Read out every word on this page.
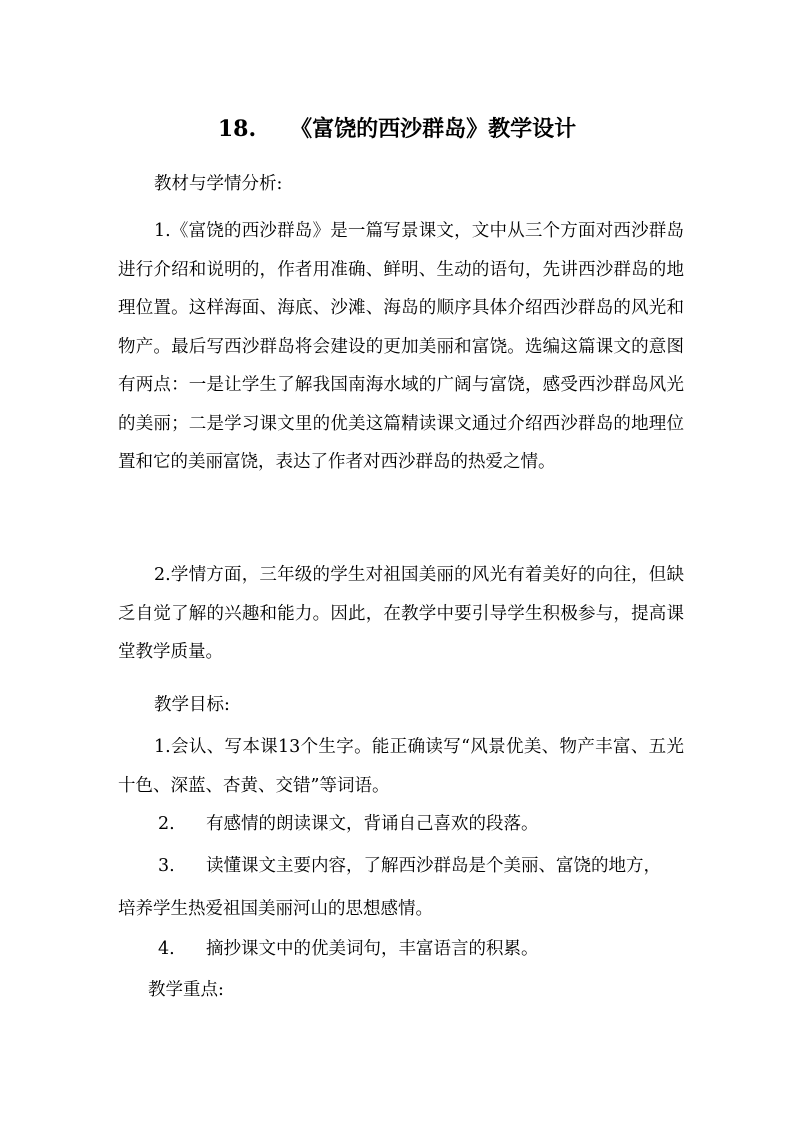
18. 《富饶的西沙群岛》教学设计
教材与学情分析:
1.《富饶的西沙群岛》是一篇写景课文，文中从三个方面对西沙群岛进行介绍和说明的，作者用准确、鲜明、生动的语句，先讲西沙群岛的地理位置。这样海面、海底、沙滩、海岛的顺序具体介绍西沙群岛的风光和物产。最后写西沙群岛将会建设的更加美丽和富饶。选编这篇课文的意图有两点：一是让学生了解我国南海水域的广阔与富饶，感受西沙群岛风光的美丽；二是学习课文里的优美这篇精读课文通过介绍西沙群岛的地理位置和它的美丽富饶，表达了作者对西沙群岛的热爱之情。
2.学情方面，三年级的学生对祖国美丽的风光有着美好的向往，但缺乏自觉了解的兴趣和能力。因此，在教学中要引导学生积极参与，提高课堂教学质量。
教学目标:
1.会认、写本课13个生字。能正确读写“风景优美、物产丰富、五光十色、深蓝、杏黄、交错”等词语。
2. 有感情的朗读课文，背诵自己喜欢的段落。
3. 读懂课文主要内容，了解西沙群岛是个美丽、富饶的地方，
培养学生热爱祖国美丽河山的思想感情。
4. 摘抄课文中的优美词句，丰富语言的积累。
教学重点:
